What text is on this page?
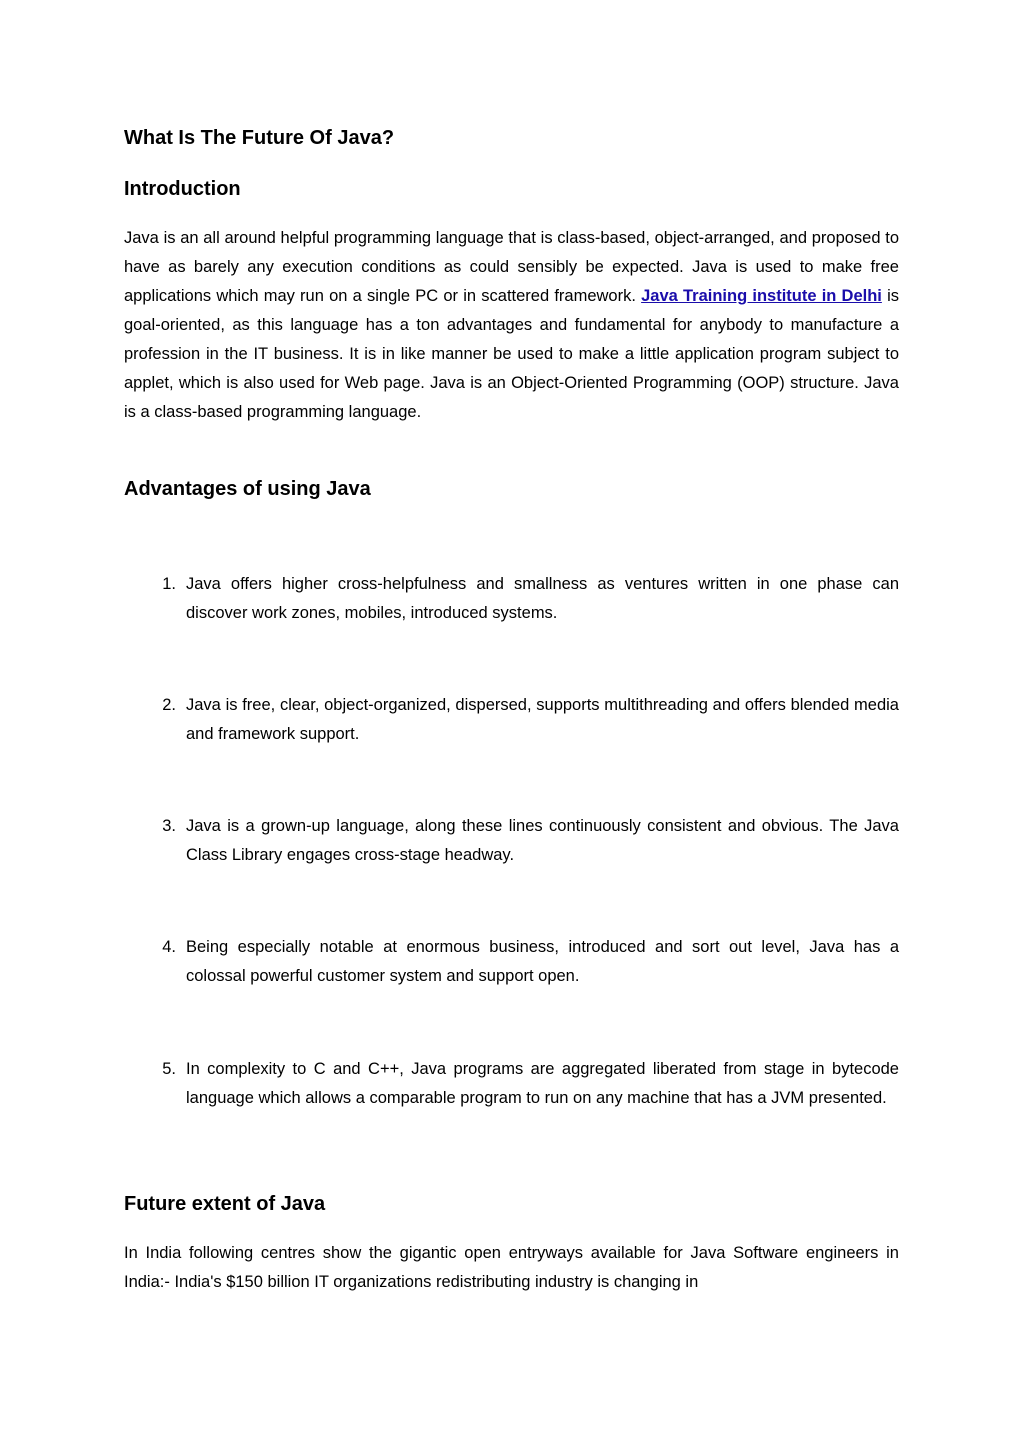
What Is The Future Of Java?
Introduction

Java is an all around helpful programming language that is class-based, object-arranged, and proposed to have as barely any execution conditions as could sensibly be expected. Java is used to make free applications which may run on a single PC or in scattered framework. Java Training institute in Delhi is goal-oriented, as this language has a ton advantages and fundamental for anybody to manufacture a profession in the IT business. It is in like manner be used to make a little application program subject to applet, which is also used for Web page. Java is an Object-Oriented Programming (OOP) structure. Java is a class-based programming language.

Advantages of using Java
1. Java offers higher cross-helpfulness and smallness as ventures written in one phase can discover work zones, mobiles, introduced systems.

2. Java is free, clear, object-organized, dispersed, supports multithreading and offers blended media and framework support.

3. Java is a grown-up language, along these lines continuously consistent and obvious. The Java Class Library engages cross-stage headway.

4. Being especially notable at enormous business, introduced and sort out level, Java has a colossal powerful customer system and support open.

5. In complexity to C and C++, Java programs are aggregated liberated from stage in bytecode language which allows a comparable program to run on any machine that has a JVM presented.

Future extent of Java

In India following centres show the gigantic open entryways available for Java Software engineers in India:- India's $150 billion IT organizations redistributing industry is changing in
